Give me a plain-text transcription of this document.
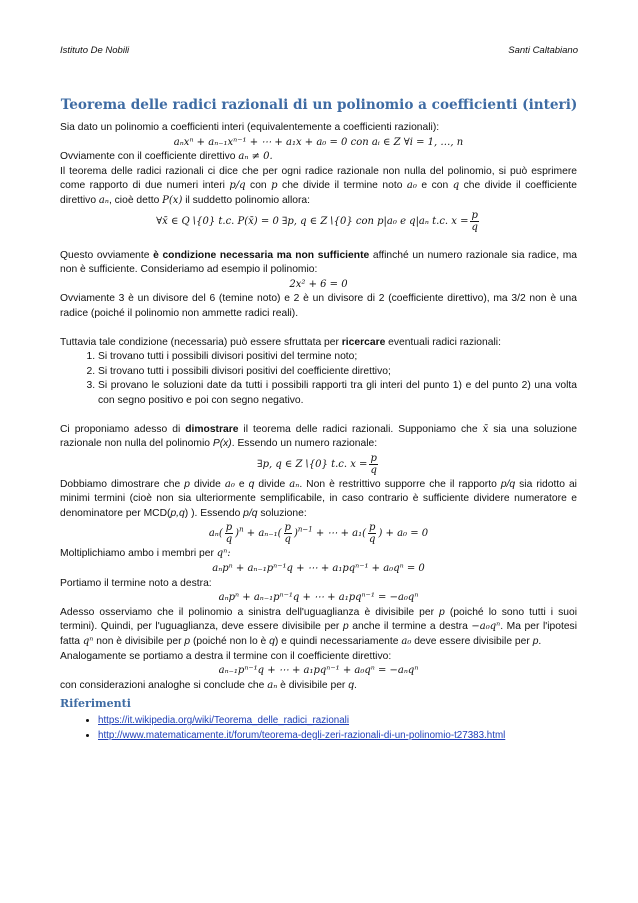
Istituto De Nobili	Santi Caltabiano
Teorema delle radici razionali di un polinomio a coefficienti (interi)

Sia dato un polinomio a coefficienti interi (equivalentemente a coefficienti razionali):

aₙxⁿ + aₙ₋₁xⁿ⁻¹ + ⋯ + a₁x + a₀ = 0 con aᵢ ∈ Z ∀i = 1, …, n

Ovviamente con il coefficiente direttivo aₙ ≠ 0.

Il teorema delle radici razionali ci dice che per ogni radice razionale non nulla del polinomio, si può esprimere come rapporto di due numeri interi p/q con p che divide il termine noto a₀ e con q che divide il coefficiente direttivo aₙ, cioè detto P(x) il suddetto polinomio allora:

∀x̄ ∈ Q∖{0} t.c. P(x̄) = 0 ∃p, q ∈ Z∖{0} con p|a₀ e q|aₙ t.c. $x = \frac{p}{q}$

Questo ovviamente è condizione necessaria ma non sufficiente affinché un numero razionale sia radice, ma non è sufficiente. Consideriamo ad esempio il polinomio:

2x² + 6 = 0

Ovviamente 3 è un divisore del 6 (temine noto) e 2 è un divisore di 2 (coefficiente direttivo), ma 3/2 non è una radice (poiché il polinomio non ammette radici reali).

Tuttavia tale condizione (necessaria) può essere sfruttata per ricercare eventuali radici razionali:

1. Si trovano tutti i possibili divisori positivi del termine noto;
2. Si trovano tutti i possibili divisori positivi del coefficiente direttivo;
3. Si provano le soluzioni date da tutti i possibili rapporti tra gli interi del punto 1) e del punto 2) una volta con segno positivo e poi con segno negativo.

Ci proponiamo adesso di dimostrare il teorema delle radici razionali. Supponiamo che x̄ sia una soluzione razionale non nulla del polinomio P(x). Essendo un numero razionale:

∃p, q ∈ Z∖{0} t.c. $x = \frac{p}{q}$

Dobbiamo dimostrare che p divide a₀ e q divide aₙ. Non è restrittivo supporre che il rapporto p/q sia ridotto ai minimi termini (cioè non sia ulteriormente semplificabile, in caso contrario è sufficiente dividere numeratore e denominatore per MCD(p,q) ). Essendo p/q soluzione:

$a_n( \frac{p}{q} )^n + a_{n-1}( \frac{p}{q} )^{n-1}$ + ⋯ + $a_1( \frac{p}{q}$ ) + a₀ = 0

Moltiplichiamo ambo i membri per qⁿ:

aₙpⁿ + aₙ₋₁pⁿ⁻¹q + ⋯ + a₁pqⁿ⁻¹ + a₀qⁿ = 0

Portiamo il termine noto a destra:

aₙpⁿ + aₙ₋₁pⁿ⁻¹q + ⋯ + a₁pqⁿ⁻¹ = −a₀qⁿ

Adesso osserviamo che il polinomio a sinistra dell'uguaglianza è divisibile per p (poiché lo sono tutti i suoi termini). Quindi, per l'uguaglianza, deve essere divisibile per p anche il termine a destra −a₀qⁿ. Ma per l'ipotesi fatta qⁿ non è divisibile per p (poiché non lo è q) e quindi necessariamente a₀ deve essere divisibile per p.

Analogamente se portiamo a destra il termine con il coefficiente direttivo:

aₙ₋₁pⁿ⁻¹q + ⋯ + a₁pqⁿ⁻¹ + a₀qⁿ = −aₙqⁿ

con considerazioni analoghe si conclude che aₙ è divisibile per q.

Riferimenti
• https://it.wikipedia.org/wiki/Teorema_delle_radici_razionali
• http://www.matematicamente.it/forum/teorema-degli-zeri-razionali-di-un-polinomio-t27383.html
